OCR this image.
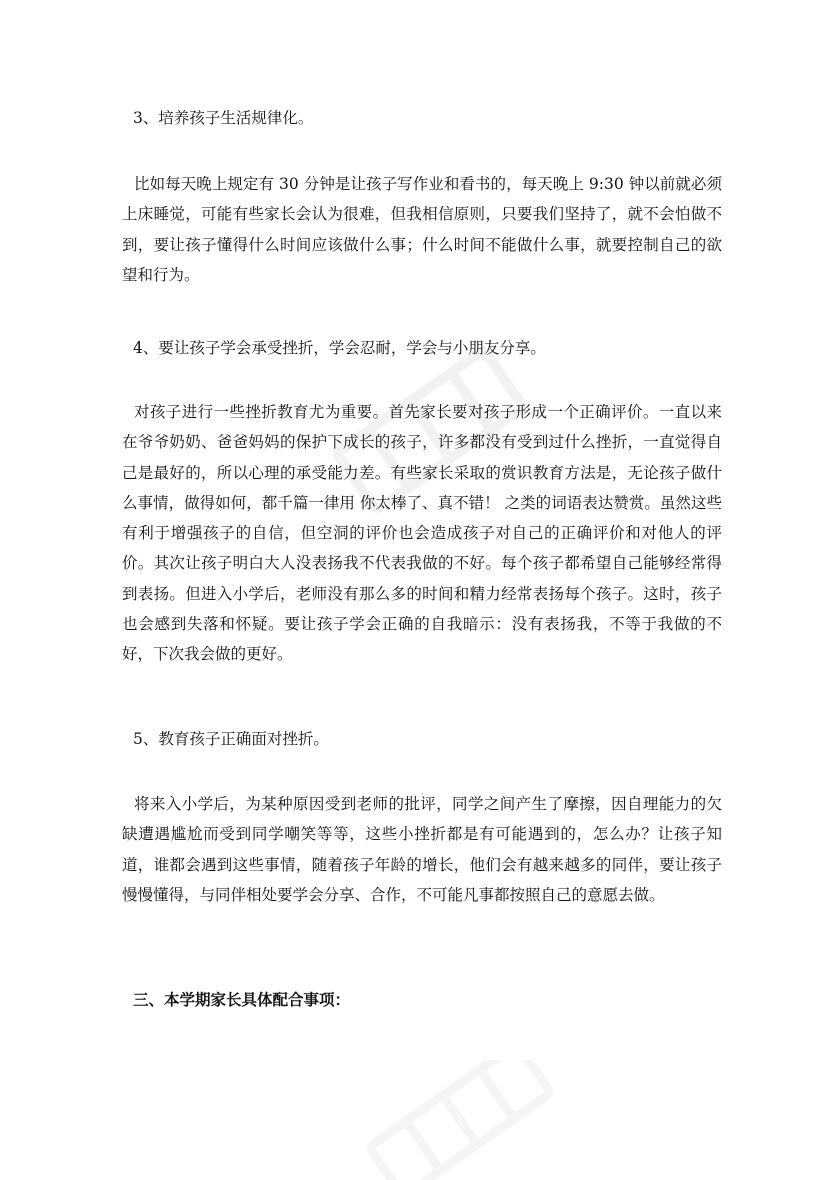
3、培养孩子生活规律化。
比如每天晚上规定有 30 分钟是让孩子写作业和看书的，每天晚上 9:30 钟以前就必须上床睡觉，可能有些家长会认为很难，但我相信原则，只要我们坚持了，就不会怕做不到，要让孩子懂得什么时间应该做什么事；什么时间不能做什么事，就要控制自己的欲望和行为。
4、要让孩子学会承受挫折，学会忍耐，学会与小朋友分享。
对孩子进行一些挫折教育尤为重要。首先家长要对孩子形成一个正确评价。一直以来在爷爷奶奶、爸爸妈妈的保护下成长的孩子，许多都没有受到过什么挫折，一直觉得自己是最好的，所以心理的承受能力差。有些家长采取的赏识教育方法是，无论孩子做什么事情，做得如何，都千篇一律用 你太棒了、真不错！ 之类的词语表达赞赏。虽然这些有利于增强孩子的自信，但空洞的评价也会造成孩子对自己的正确评价和对他人的评价。其次让孩子明白大人没表扬我不代表我做的不好。每个孩子都希望自己能够经常得到表扬。但进入小学后，老师没有那么多的时间和精力经常表扬每个孩子。这时，孩子也会感到失落和怀疑。要让孩子学会正确的自我暗示：没有表扬我，不等于我做的不好，下次我会做的更好。
5、教育孩子正确面对挫折。
将来入小学后，为某种原因受到老师的批评，同学之间产生了摩擦，因自理能力的欠缺遭遇尴尬而受到同学嘲笑等等，这些小挫折都是有可能遇到的，怎么办？让孩子知道，谁都会遇到这些事情，随着孩子年龄的增长，他们会有越来越多的同伴，要让孩子慢慢懂得，与同伴相处要学会分享、合作，不可能凡事都按照自己的意愿去做。
三、本学期家长具体配合事项：
